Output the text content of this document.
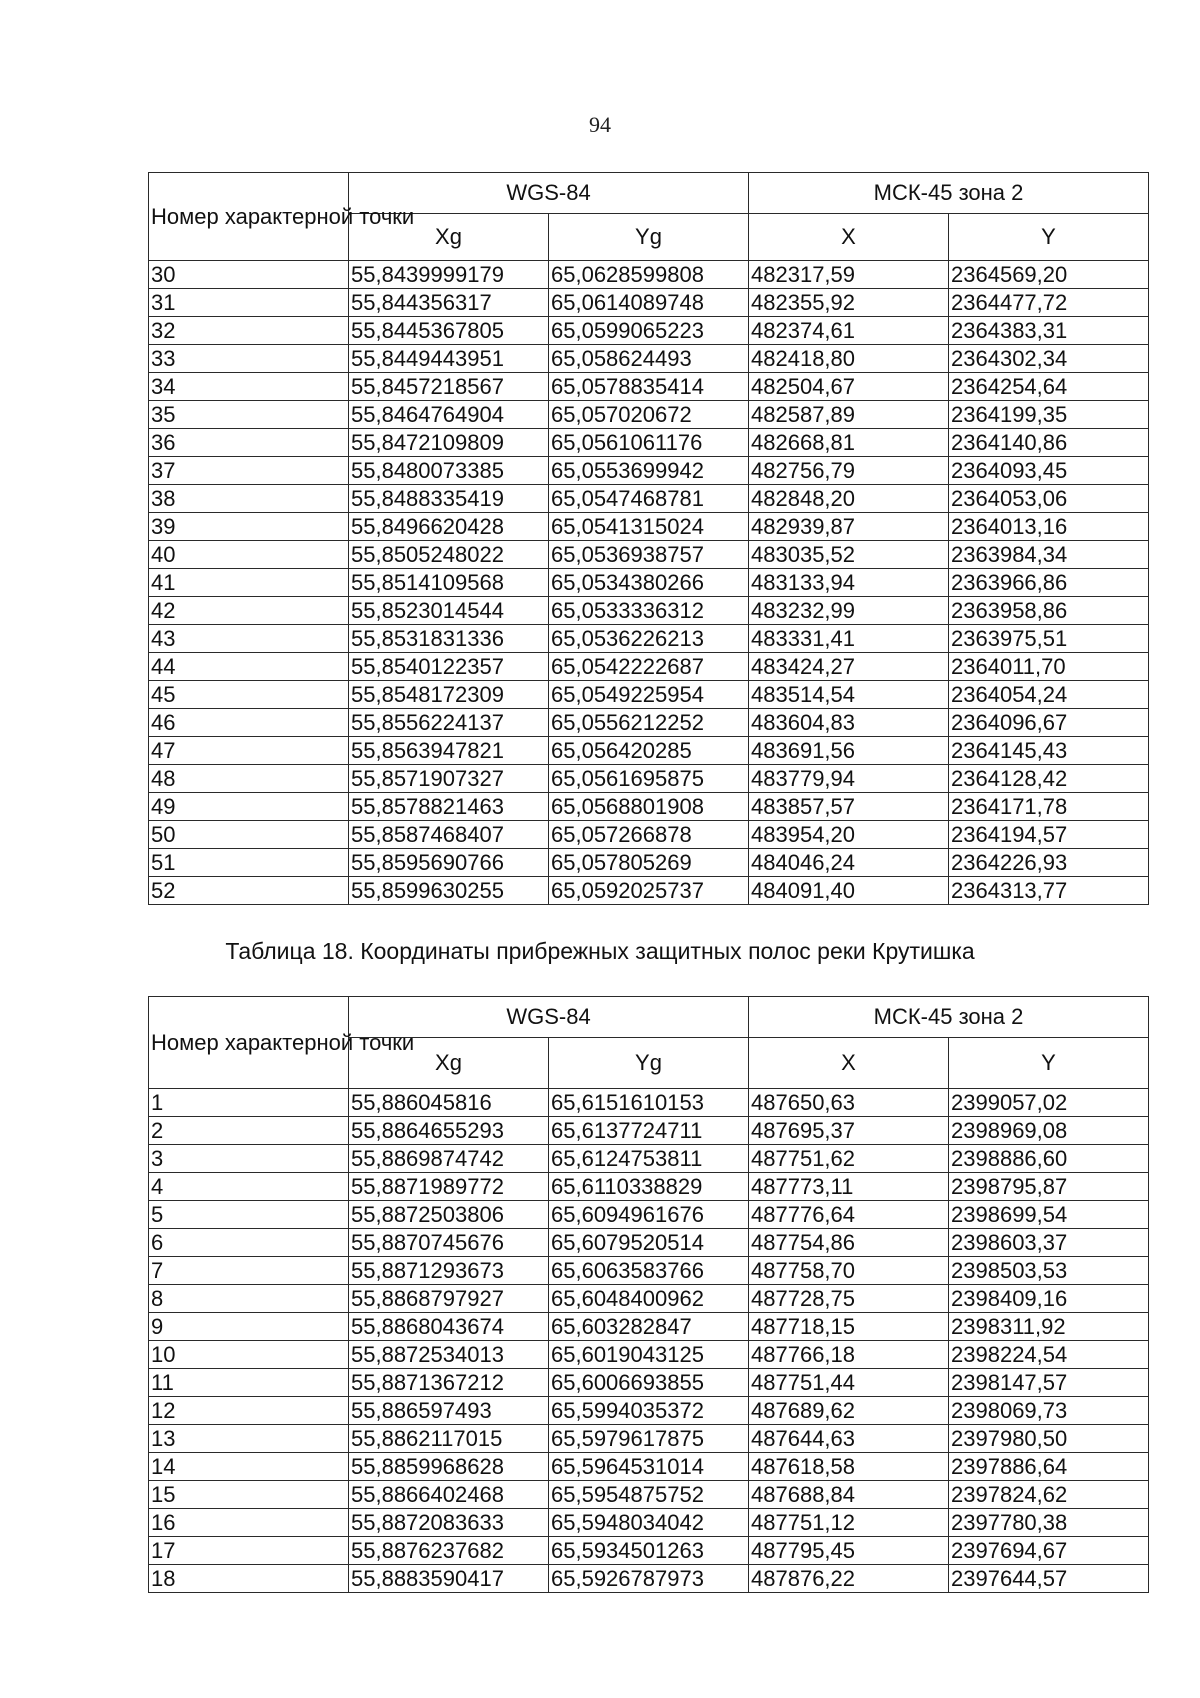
94
Номер характерной точки	WGS-84		МСК-45 зона 2	
	Xg	Yg	X	Y
30	55,8439999179	65,0628599808	482317,59	2364569,20
31	55,844356317	65,0614089748	482355,92	2364477,72
32	55,8445367805	65,0599065223	482374,61	2364383,31
33	55,8449443951	65,058624493	482418,80	2364302,34
34	55,8457218567	65,0578835414	482504,67	2364254,64
35	55,8464764904	65,057020672	482587,89	2364199,35
36	55,8472109809	65,0561061176	482668,81	2364140,86
37	55,8480073385	65,0553699942	482756,79	2364093,45
38	55,8488335419	65,0547468781	482848,20	2364053,06
39	55,8496620428	65,0541315024	482939,87	2364013,16
40	55,8505248022	65,0536938757	483035,52	2363984,34
41	55,8514109568	65,0534380266	483133,94	2363966,86
42	55,8523014544	65,0533336312	483232,99	2363958,86
43	55,8531831336	65,0536226213	483331,41	2363975,51
44	55,8540122357	65,0542222687	483424,27	2364011,70
45	55,8548172309	65,0549225954	483514,54	2364054,24
46	55,8556224137	65,0556212252	483604,83	2364096,67
47	55,8563947821	65,056420285	483691,56	2364145,43
48	55,8571907327	65,0561695875	483779,94	2364128,42
49	55,8578821463	65,0568801908	483857,57	2364171,78
50	55,8587468407	65,057266878	483954,20	2364194,57
51	55,8595690766	65,057805269	484046,24	2364226,93
52	55,8599630255	65,0592025737	484091,40	2364313,77
Таблица 18. Координаты прибрежных защитных полос реки Крутишка
Номер характерной точки	WGS-84		МСК-45 зона 2	
	Xg	Yg	X	Y
1	55,886045816	65,6151610153	487650,63	2399057,02
2	55,8864655293	65,6137724711	487695,37	2398969,08
3	55,8869874742	65,6124753811	487751,62	2398886,60
4	55,8871989772	65,6110338829	487773,11	2398795,87
5	55,8872503806	65,6094961676	487776,64	2398699,54
6	55,8870745676	65,6079520514	487754,86	2398603,37
7	55,8871293673	65,6063583766	487758,70	2398503,53
8	55,8868797927	65,6048400962	487728,75	2398409,16
9	55,8868043674	65,603282847	487718,15	2398311,92
10	55,8872534013	65,6019043125	487766,18	2398224,54
11	55,8871367212	65,6006693855	487751,44	2398147,57
12	55,886597493	65,5994035372	487689,62	2398069,73
13	55,8862117015	65,5979617875	487644,63	2397980,50
14	55,8859968628	65,5964531014	487618,58	2397886,64
15	55,8866402468	65,5954875752	487688,84	2397824,62
16	55,8872083633	65,5948034042	487751,12	2397780,38
17	55,8876237682	65,5934501263	487795,45	2397694,67
18	55,8883590417	65,5926787973	487876,22	2397644,57
